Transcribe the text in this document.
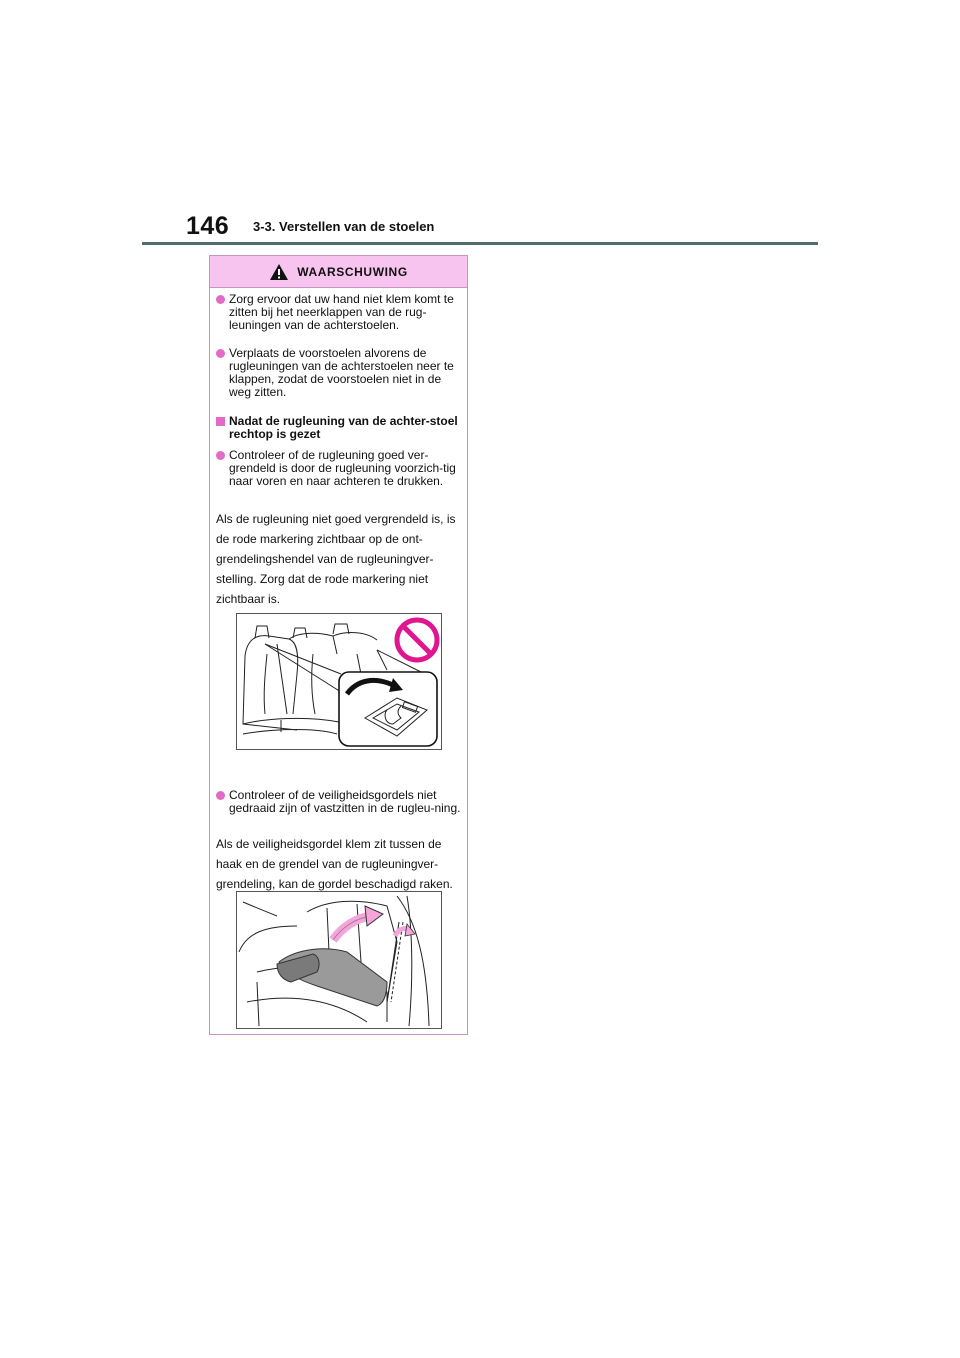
146 3-3. Verstellen van de stoelen
WAARSCHUWING
Zorg ervoor dat uw hand niet klem komt te zitten bij het neerklappen van de rug-leuningen van de achterstoelen.
Verplaats de voorstoelen alvorens de rugleuningen van de achterstoelen neer te klappen, zodat de voorstoelen niet in de weg zitten.
Nadat de rugleuning van de achter-stoel rechtop is gezet
Controleer of de rugleuning goed ver-grendeld is door de rugleuning voorzich-tig naar voren en naar achteren te drukken.
Als de rugleuning niet goed vergrendeld is, is de rode markering zichtbaar op de ont-grendelingshendel van de rugleuningver-stelling. Zorg dat de rode markering niet zichtbaar is.
Controleer of de veiligheidsgordels niet gedraaid zijn of vastzitten in de rugleu-ning.
Als de veiligheidsgordel klem zit tussen de haak en de grendel van de rugleuningver-grendeling, kan de gordel beschadigd raken.
